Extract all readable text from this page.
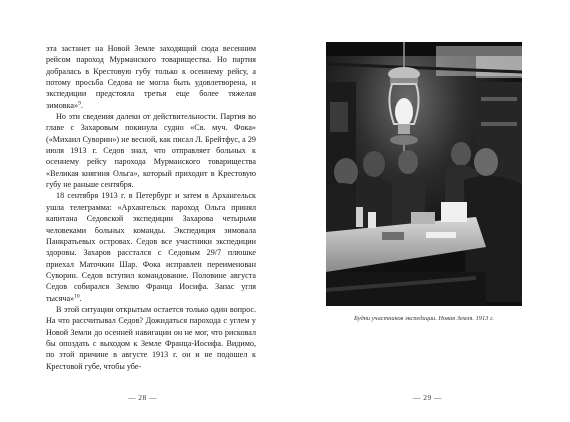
эта застанет на Новой Земле заходящий сюда весенним рейсом пароход Мурманского товарищества. Но партия добралась в Крестовую губу только к осеннему рейсу, а потому просьба Седова не могла быть удовлетворена, и экспедиции предстояла третья еще более тяжелая зимовка»$^9$.

Но эти сведения далеки от действительности. Партия во главе с Захаровым покинула судно «Св. муч. Фока» («Михаил Суворин») не весной, как писал Л. Брейтфус, а 29 июля 1913 г. Седов знал, что отправляет больных к осеннему рейсу парохода Мурманского товарищества «Великая княгиня Ольга», который приходит в Крестовую губу не раньше сентября.

18 сентября 1913 г. в Петербург и затем в Архангельск ушла телеграмма: «Архангельск пароход Ольга принял капитана Седовской экспедиции Захарова четырьмя человеками больных команды. Экспедиция зимовала Панкратьевых островах. Седов все участники экспедиции здоровы. Захаров расстался с Седовым 29/7 плюшке приехал Маточкин Шар. Фока исправлен переименован Суворин. Седов вступил командование. Половине августа Седов собирался Землю Франца Иосифа. Запас угля тысяча»$^{10}$.

В этой ситуации открытым остается только один вопрос. На что рассчитывал Седов? Дожидаться парохода с углем у Новой Земли до осенней навигации он не мог, что рисковал бы опоздать с выходом к Земле Франца-Иосифа. Видимо, по этой причине в августе 1913 г. он и не подошел к Крестовой губе, чтобы убе-

— 28 —
Будни участников экспедиции. Новая Земля. 1913 г.
— 29 —
